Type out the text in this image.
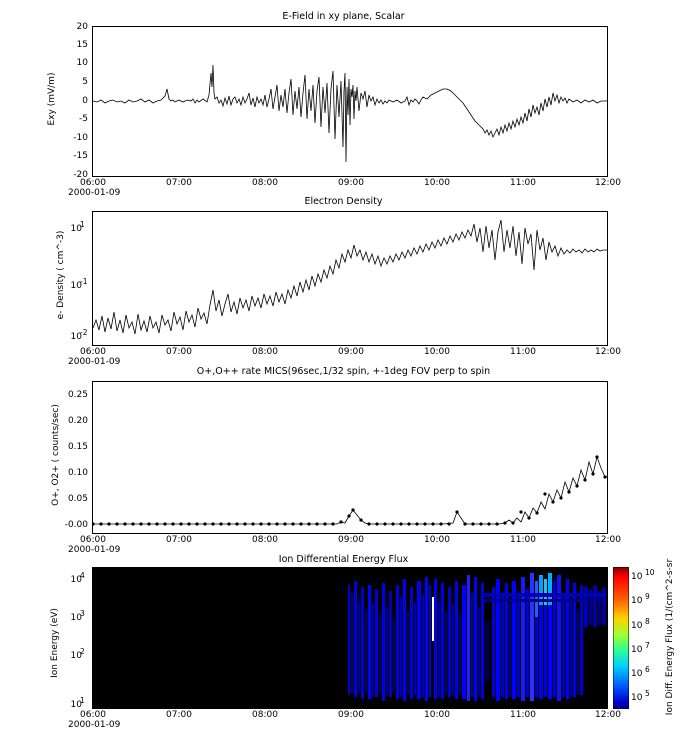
E-Field in xy plane, Scalar
Exy (mV/m)
20
15
10
5
0
-5
-10
-15
-20
06:00	07:00	08:00	09:00	10:00	11:00	12:00
2000-01-09
Electron Density
e- Density ( cm^-3)
10
1
10
-1
10
-2
06:00	07:00	08:00	09:00	10:00	11:00	12:00
2000-01-09
O+,O++ rate MICS(96sec,1/32 spin, +-1deg FOV perp to spin
O+, O2+ ( counts/sec)
0.25
0.20
0.15
0.10
0.05
-0.00
06:00	07:00	08:00	09:00	10:00	11:00	12:00
2000-01-09
Ion Differential Energy Flux
Ion Energy (eV)
10
4
10
3
10
2
10
1
06:00	07:00	08:00	09:00	10:00	11:00	12:00
2000-01-09
10 10
10 9
10 8
10 7
10 6
10 5 Ion Diff. Energy Flux (1/(cm^2-s-sr
